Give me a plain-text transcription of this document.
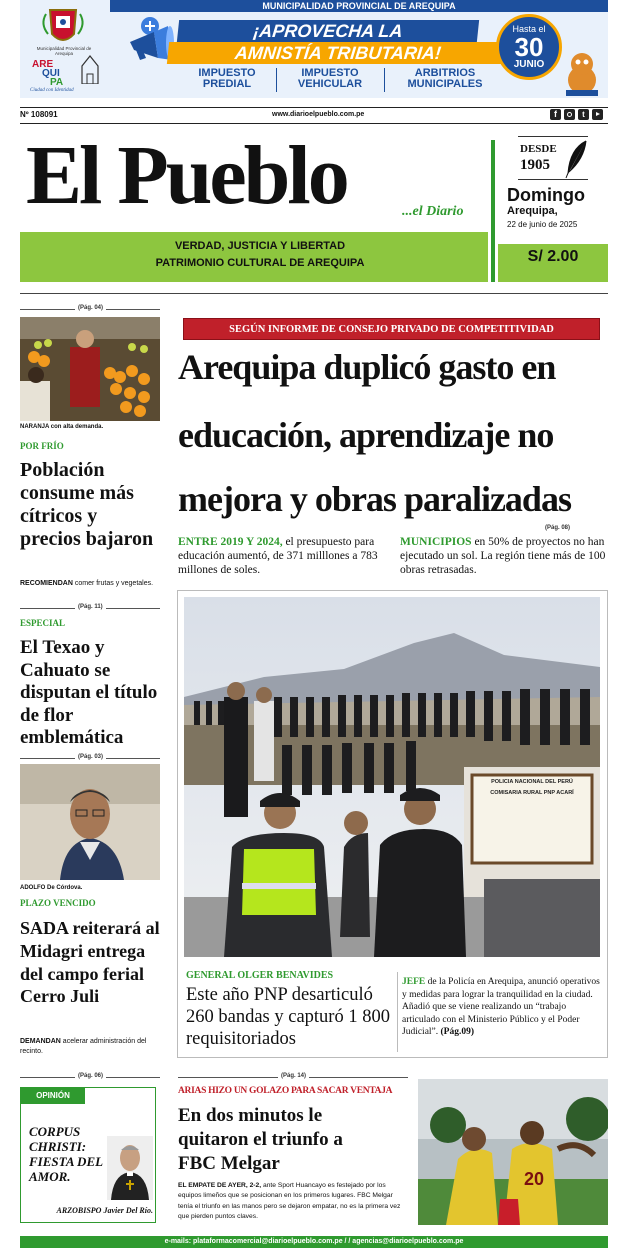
Municipalidad Provincial de Arequipa
ARE
QUI
PA
Ciudad con Identidad
MUNICIPALIDAD PROVINCIAL DE AREQUIPA
¡APROVECHA LA
AMNISTÍA TRIBUTARIA!
IMPUESTO PREDIAL
IMPUESTO VEHICULAR
ARBITRIOS MUNICIPALES
Hasta el
30
JUNIO
Nº 108091	www.diarioelpueblo.com.pe	f	t
El Pueblo	...el Diario
DESDE
1905
Domingo
Arequipa,
22 de junio de 2025
VERDAD, JUSTICIA Y LIBERTAD
PATRIMONIO CULTURAL DE AREQUIPA	S/ 2.00
(Pág. 04)
NARANJA con alta demanda.
POR FRÍO
Población consume más cítricos y precios bajaron
RECOMIENDAN comer frutas y vegetales.
(Pág. 11)
ESPECIAL
El Texao y Cahuato se disputan el título de flor emblemática
(Pág. 03)
ADOLFO De Córdova.
PLAZO VENCIDO
SADA reiterará al Midagri entrega del campo ferial Cerro Juli
DEMANDAN acelerar administración del recinto.
(Pág. 06)
OPINIÓN
CORPUS CHRISTI: FIESTA DEL AMOR.
ARZOBISPO Javier Del Río.
SEGÚN INFORME DE CONSEJO PRIVADO DE COMPETITIVIDAD
Arequipa duplicó gasto en
educación, aprendizaje no
mejora y obras paralizadas
(Pág. 08)
ENTRE 2019 Y 2024, el presupuesto para educación aumentó, de 371 milllones a 783 millones de soles.
MUNICIPIOS en 50% de proyectos no han ejecutado un sol. La región tiene más de 100 obras retrasadas.
POLICIA NACIONAL DEL PERÚ
COMISARIA RURAL PNP ACARÍ
GENERAL OLGER BENAVIDES
Este año PNP desarticuló 260 bandas y capturó 1 800 requisitoriados
JEFE de la Policía en Arequipa, anunció operativos y medidas para lograr la tranquilidad en la ciudad. Añadió que se viene realizando un “trabajo articulado con el Ministerio Público y el Poder Judicial”. (Pág.09)
(Pág. 14)
ARIAS HIZO UN GOLAZO PARA SACAR VENTAJA
En dos minutos le quitaron el triunfo a FBC Melgar
EL EMPATE DE AYER, 2-2, ante Sport Huancayo es festejado por los equipos limeños que se posicionan en los primeros lugares. FBC Melgar tenía el triunfo en las manos pero se dejaron empatar, no es la primera vez que pierden puntos claves.
20
e-mails: plataformacomercial@diarioelpueblo.com.pe / / agencias@diarioelpueblo.com.pe
